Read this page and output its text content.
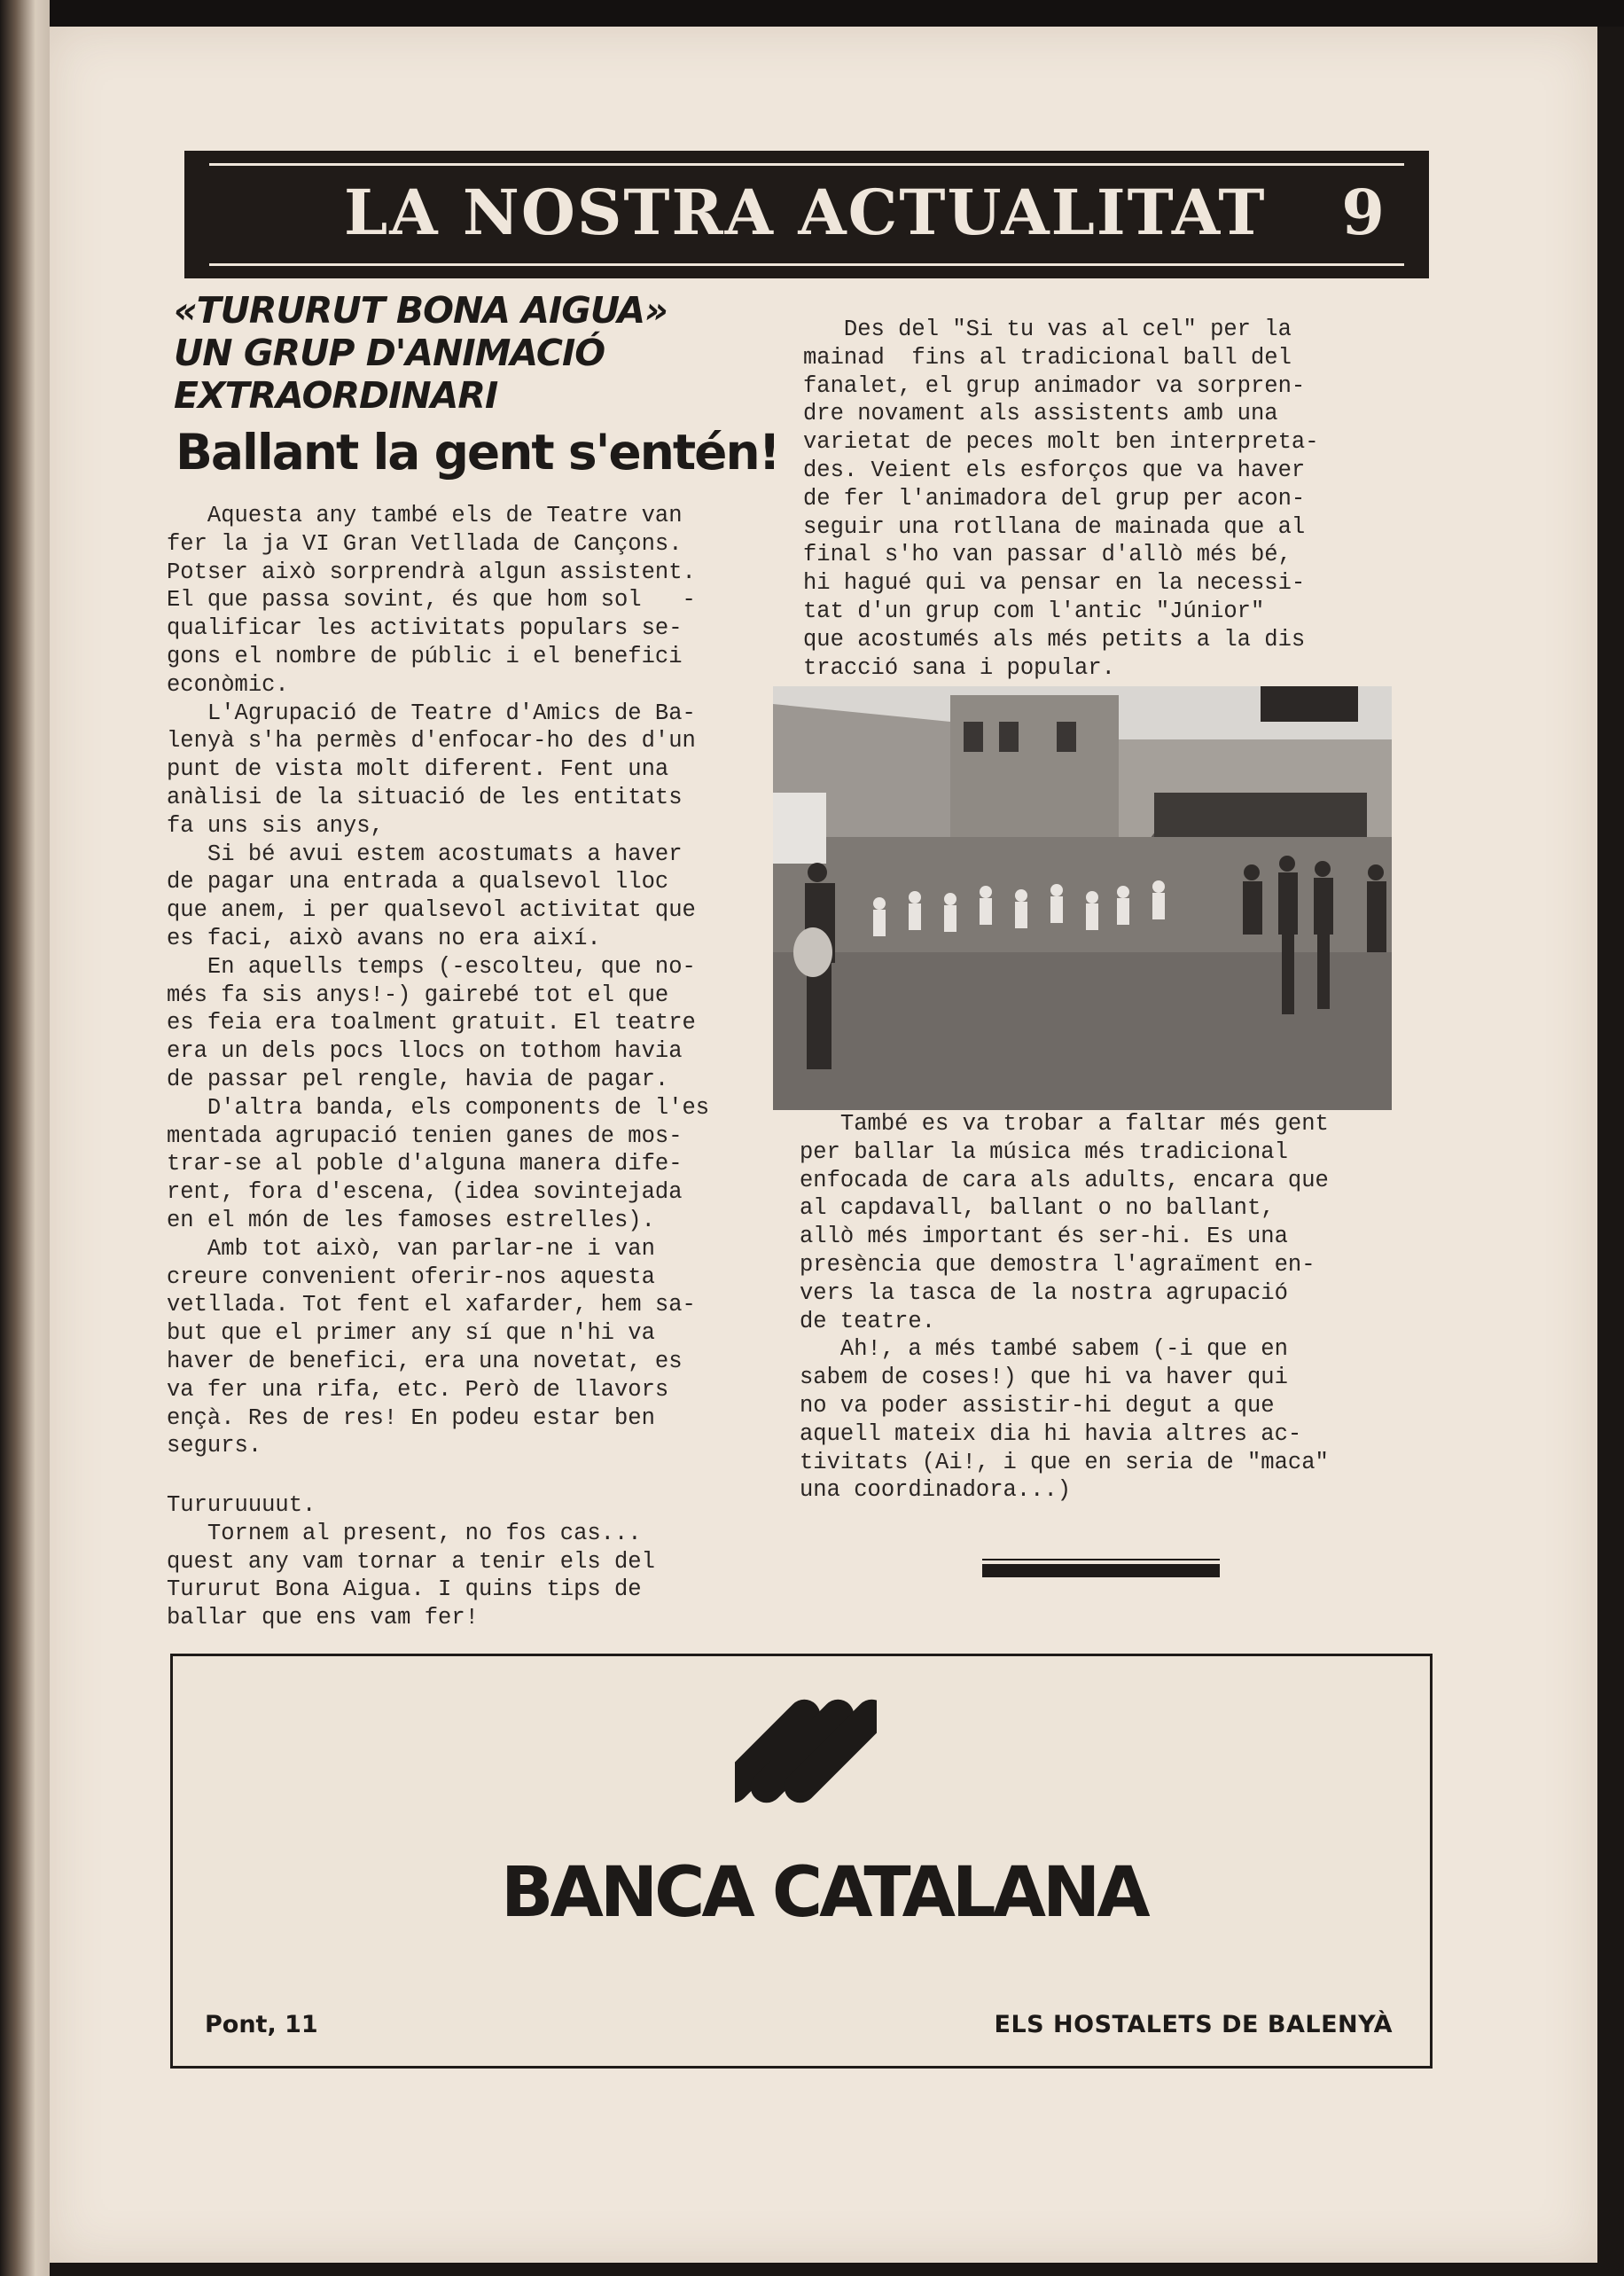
LA NOSTRA ACTUALITAT 9
«TURURUT BONA AIGUA»
UN GRUP D'ANIMACIÓ
EXTRAORDINARI
Ballant la gent s'entén!

Aquesta any també els de Teatre van

fer la ja VI Gran Vetllada de Cançons.

Potser això sorprendrà algun assistent.

El que passa sovint, és que hom sol   -

qualificar les activitats populars se-

gons el nombre de públic i el benefici

econòmic.

L'Agrupació de Teatre d'Amics de Ba-

lenyà s'ha permès d'enfocar-ho des d'un

punt de vista molt diferent. Fent una

anàlisi de la situació de les entitats

fa uns sis anys,

Si bé avui estem acostumats a haver

de pagar una entrada a qualsevol lloc

que anem, i per qualsevol activitat que

es faci, això avans no era així.

En aquells temps (-escolteu, que no-

més fa sis anys!-) gairebé tot el que

es feia era toalment gratuit. El teatre

era un dels pocs llocs on tothom havia

de passar pel rengle, havia de pagar.

D'altra banda, els components de l'es

mentada agrupació tenien ganes de mos-

trar-se al poble d'alguna manera dife-

rent, fora d'escena, (idea sovintejada

en el món de les famoses estrelles).

Amb tot això, van parlar-ne i van

creure convenient oferir-nos aquesta

vetllada. Tot fent el xafarder, hem sa-

but que el primer any sí que n'hi va

haver de benefici, era una novetat, es

va fer una rifa, etc. Però de llavors

ençà. Res de res! En podeu estar ben

segurs.

Tururuuuut.

Tornem al present, no fos cas...

quest any vam tornar a tenir els del

Tururut Bona Aigua. I quins tips de

ballar que ens vam fer!

Des del "Si tu vas al cel" per la

mainad  fins al tradicional ball del

fanalet, el grup animador va sorpren-

dre novament als assistents amb una

varietat de peces molt ben interpreta-

des. Veient els esforços que va haver

de fer l'animadora del grup per acon-

seguir una rotllana de mainada que al

final s'ho van passar d'allò més bé,

hi hagué qui va pensar en la necessi-

tat d'un grup com l'antic "Júnior"

que acostumés als més petits a la dis

tracció sana i popular.

També es va trobar a faltar més gent

per ballar la música més tradicional

enfocada de cara als adults, encara que

al capdavall, ballant o no ballant,

allò més important és ser-hi. Es una

presència que demostra l'agraïment en-

vers la tasca de la nostra agrupació

de teatre.

Ah!, a més també sabem (-i que en

sabem de coses!) que hi va haver qui

no va poder assistir-hi degut a que

aquell mateix dia hi havia altres ac-

tivitats (Ai!, i que en seria de "maca"

una coordinadora...)

BANCA CATALANA
Pont, 11	ELS HOSTALETS DE BALENYÀ
